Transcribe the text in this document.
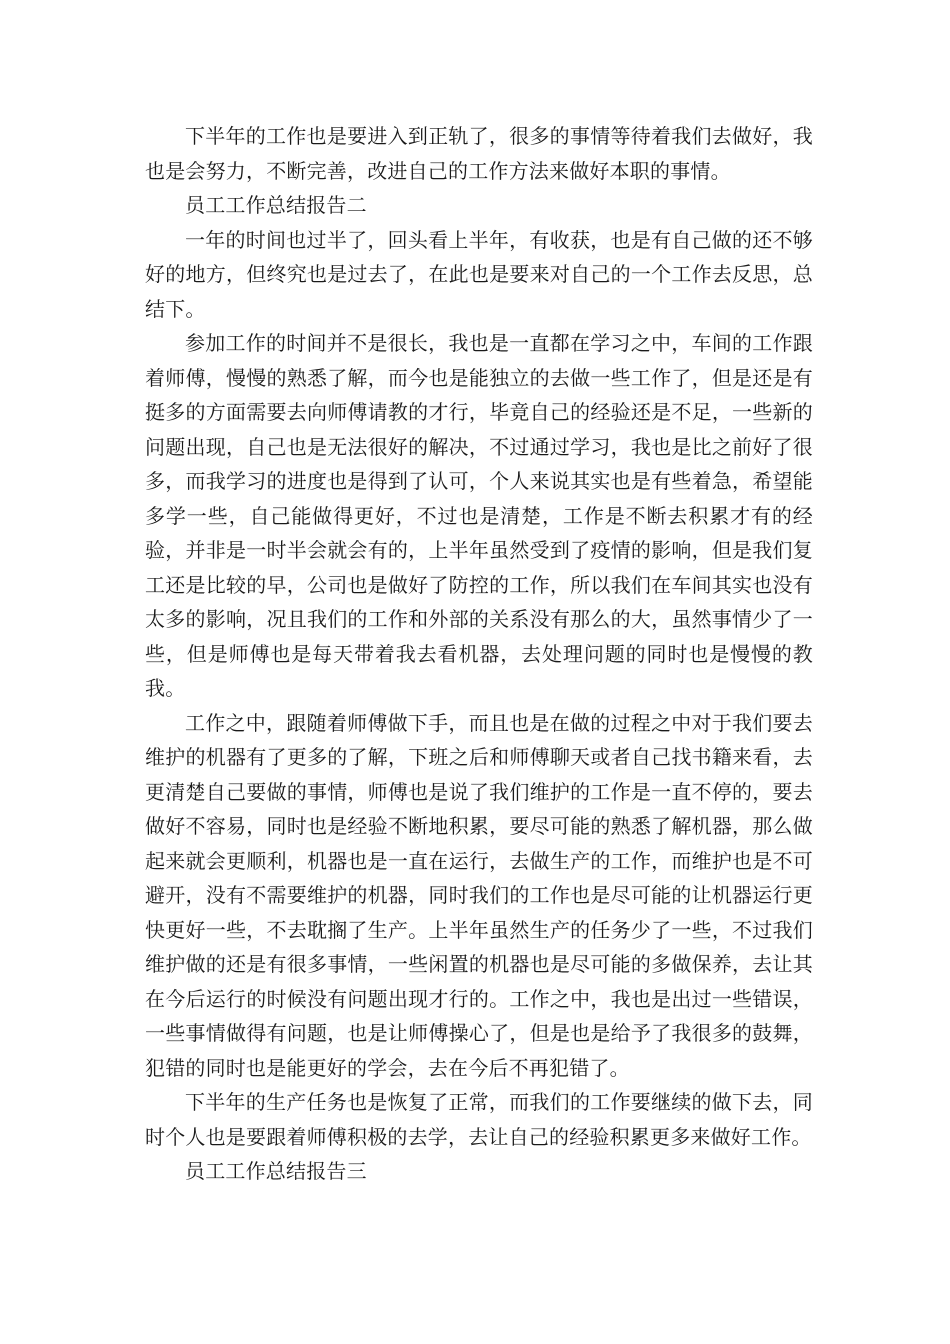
下半年的工作也是要进入到正轨了，很多的事情等待着我们去做好，我也是会努力，不断完善，改进自己的工作方法来做好本职的事情。

员工工作总结报告二

一年的时间也过半了，回头看上半年，有收获，也是有自己做的还不够好的地方，但终究也是过去了，在此也是要来对自己的一个工作去反思，总结下。

参加工作的时间并不是很长，我也是一直都在学习之中，车间的工作跟着师傅，慢慢的熟悉了解，而今也是能独立的去做一些工作了，但是还是有挺多的方面需要去向师傅请教的才行，毕竟自己的经验还是不足，一些新的问题出现，自己也是无法很好的解决，不过通过学习，我也是比之前好了很多，而我学习的进度也是得到了认可，个人来说其实也是有些着急，希望能多学一些，自己能做得更好，不过也是清楚，工作是不断去积累才有的经验，并非是一时半会就会有的，上半年虽然受到了疫情的影响，但是我们复工还是比较的早，公司也是做好了防控的工作，所以我们在车间其实也没有太多的影响，况且我们的工作和外部的关系没有那么的大，虽然事情少了一些，但是师傅也是每天带着我去看机器，去处理问题的同时也是慢慢的教我。

工作之中，跟随着师傅做下手，而且也是在做的过程之中对于我们要去维护的机器有了更多的了解，下班之后和师傅聊天或者自己找书籍来看，去更清楚自己要做的事情，师傅也是说了我们维护的工作是一直不停的，要去做好不容易，同时也是经验不断地积累，要尽可能的熟悉了解机器，那么做起来就会更顺利，机器也是一直在运行，去做生产的工作，而维护也是不可避开，没有不需要维护的机器，同时我们的工作也是尽可能的让机器运行更快更好一些，不去耽搁了生产。上半年虽然生产的任务少了一些，不过我们维护做的还是有很多事情，一些闲置的机器也是尽可能的多做保养，去让其在今后运行的时候没有问题出现才行的。工作之中，我也是出过一些错误，一些事情做得有问题，也是让师傅操心了，但是也是给予了我很多的鼓舞，犯错的同时也是能更好的学会，去在今后不再犯错了。

下半年的生产任务也是恢复了正常，而我们的工作要继续的做下去，同时个人也是要跟着师傅积极的去学，去让自己的经验积累更多来做好工作。

员工工作总结报告三
